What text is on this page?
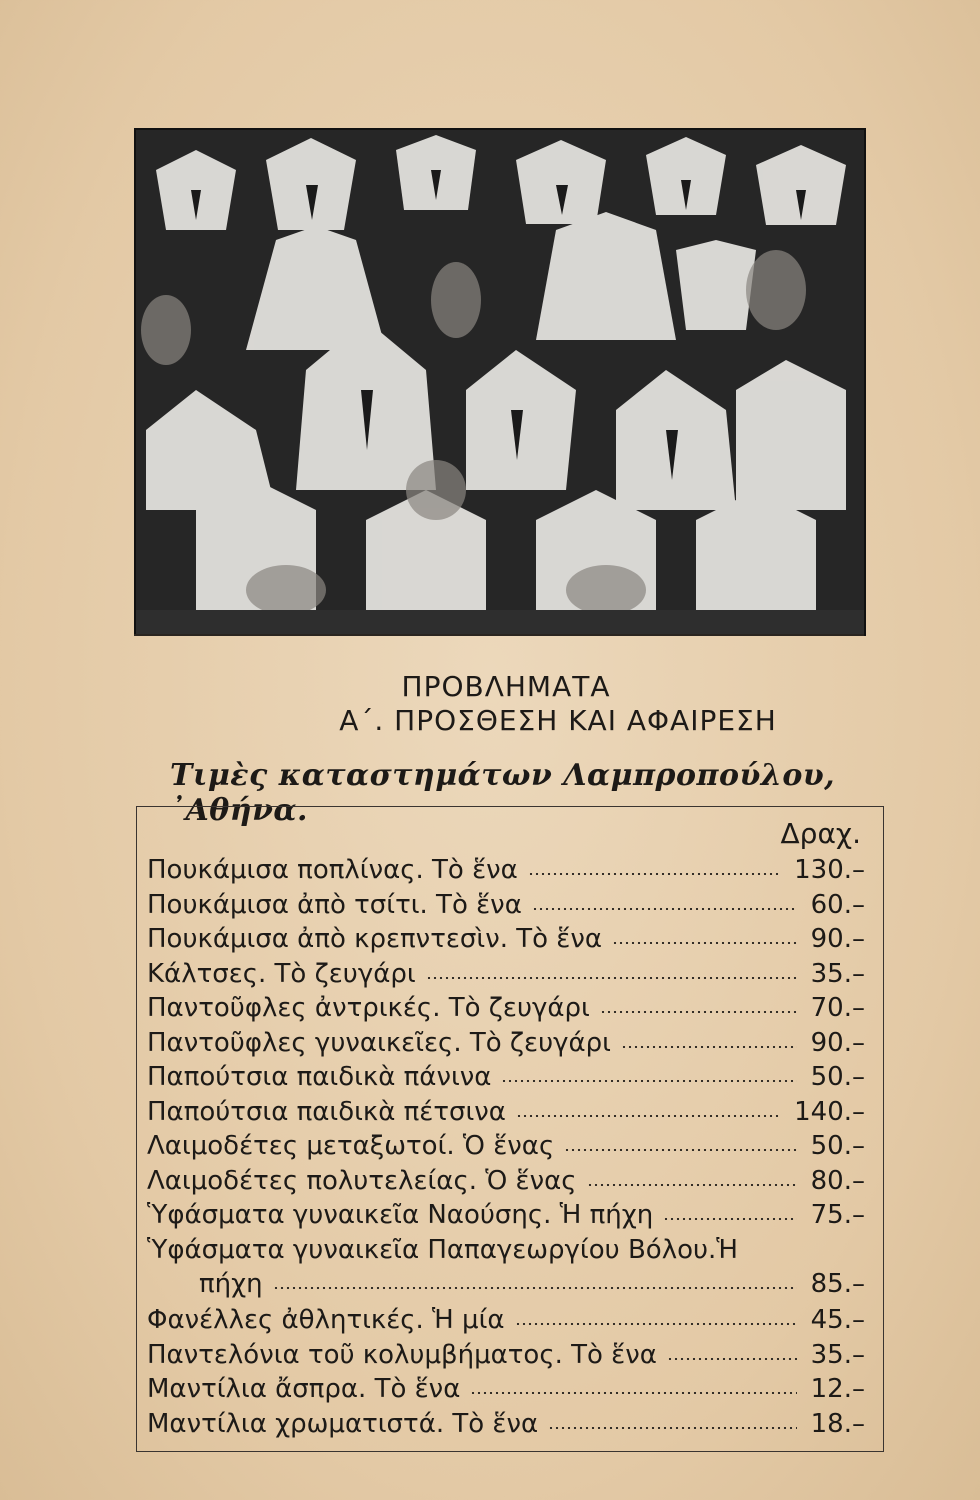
ΠΡΟΒΛΗΜΑΤΑ
Α΄. ΠΡΟΣΘΕΣΗ ΚΑΙ ΑΦΑΙΡΕΣΗ
Τιμὲς καταστημάτων Λαμπροπούλου, ᾿Αθήνα.
Δραχ.
Πουκάμισα ποπλίνας. Τὸ ἕνα	130.–
Πουκάμισα ἀπὸ τσίτι. Τὸ ἕνα	60.–
Πουκάμισα ἀπὸ κρεπντεσὶν. Τὸ ἕνα	90.–
Κάλτσες. Τὸ ζευγάρι	35.–
Παντοῦφλες ἀντρικές. Τὸ ζευγάρι	70.–
Παντοῦφλες γυναικεῖες. Τὸ ζευγάρι	90.–
Παπούτσια παιδικὰ πάνινα	50.–
Παπούτσια παιδικὰ πέτσινα	140.–
Λαιμοδέτες μεταξωτοί. Ὁ ἕνας	50.–
Λαιμοδέτες πολυτελείας. Ὁ ἕνας	80.–
Ὑφάσματα γυναικεῖα Ναούσης. Ἡ πήχη	75.–
Ὑφάσματα γυναικεῖα Παπαγεωργίου Βόλου.Ἡ
πήχη	85.–
Φανέλλες ἀθλητικές. Ἡ μία	45.–
Παντελόνια τοῦ κολυμβήματος. Τὸ ἕνα	35.–
Μαντίλια ἄσπρα. Τὸ ἕνα	12.–
Μαντίλια χρωματιστά. Τὸ ἕνα	18.–
